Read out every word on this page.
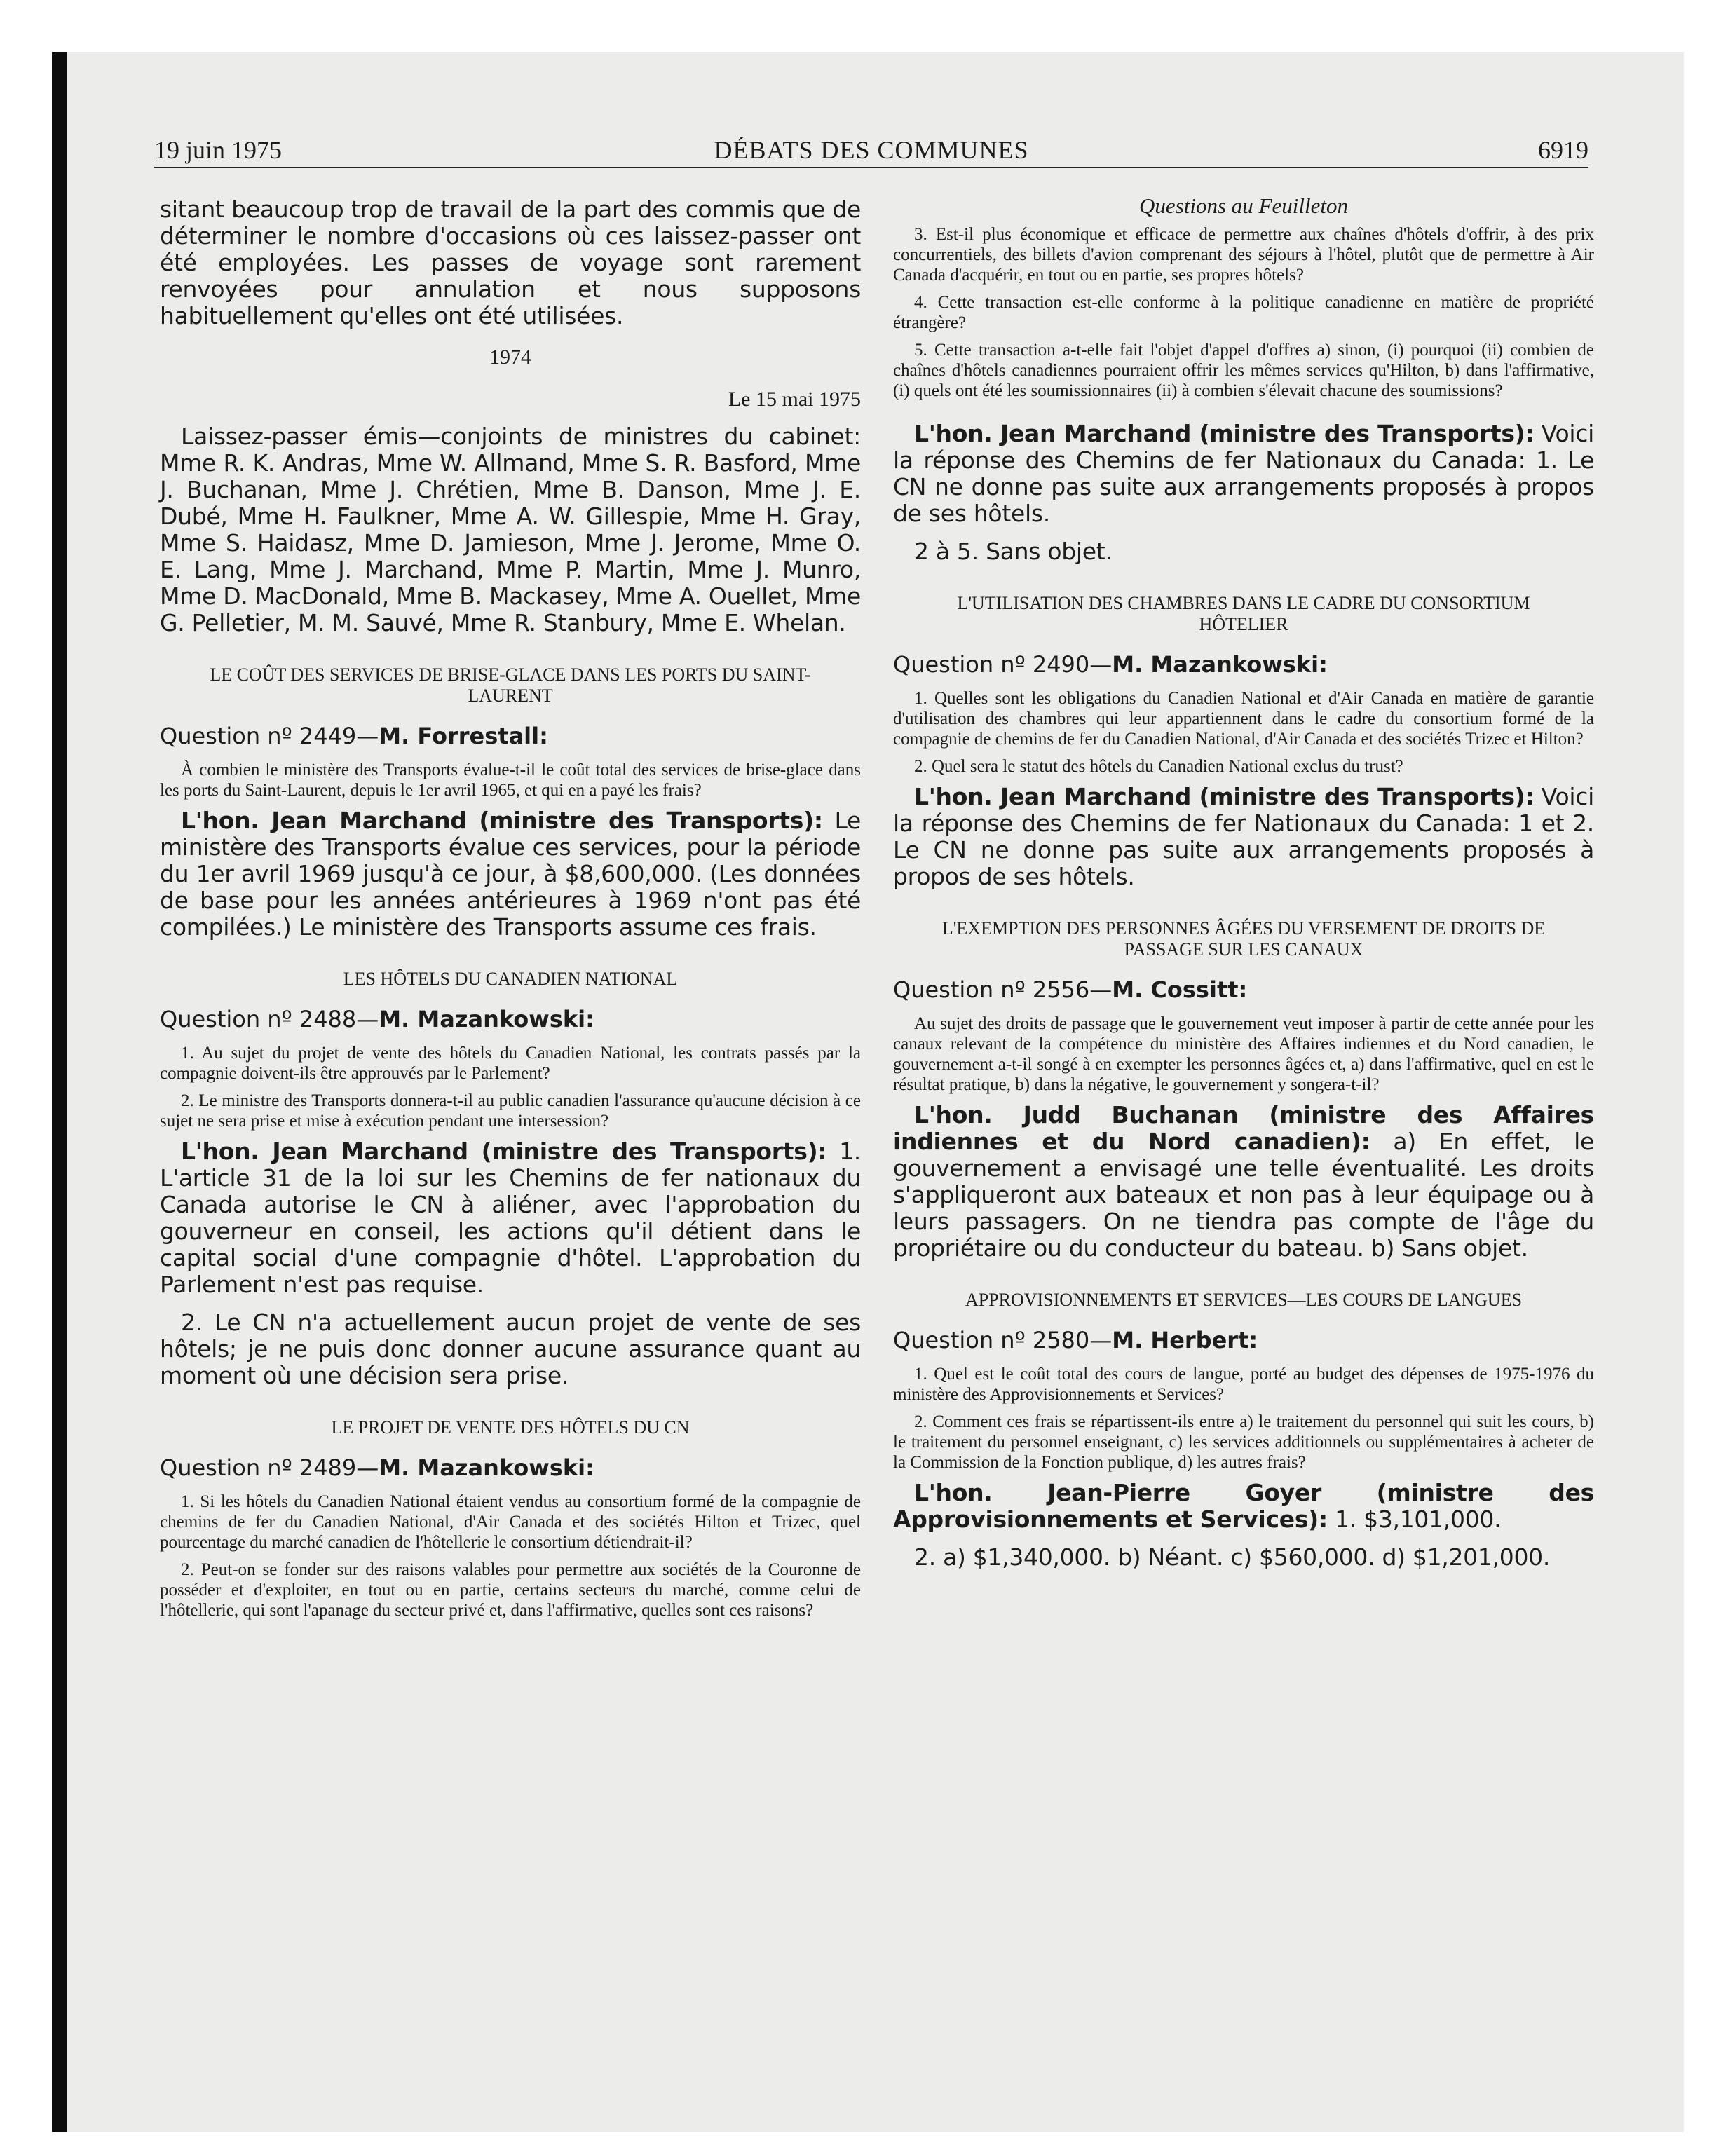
19 juin 1975	DÉBATS DES COMMUNES	6919

sitant beaucoup trop de travail de la part des commis que de déterminer le nombre d'occasions où ces laissez-passer ont été employées. Les passes de voyage sont rarement renvoyées pour annulation et nous supposons habituellement qu'elles ont été utilisées.

1974
Le 15 mai 1975

Laissez-passer émis—conjoints de ministres du cabinet: Mme R. K. Andras, Mme W. Allmand, Mme S. R. Basford, Mme J. Buchanan, Mme J. Chrétien, Mme B. Danson, Mme J. E. Dubé, Mme H. Faulkner, Mme A. W. Gillespie, Mme H. Gray, Mme S. Haidasz, Mme D. Jamieson, Mme J. Jerome, Mme O. E. Lang, Mme J. Marchand, Mme P. Martin, Mme J. Munro, Mme D. MacDonald, Mme B. Mackasey, Mme A. Ouellet, Mme G. Pelletier, M. M. Sauvé, Mme R. Stanbury, Mme E. Whelan.

LE COÛT DES SERVICES DE BRISE-GLACE DANS LES PORTS DU SAINT-LAURENT
Question nº 2449—M. Forrestall:

À combien le ministère des Transports évalue-t-il le coût total des services de brise-glace dans les ports du Saint-Laurent, depuis le 1er avril 1965, et qui en a payé les frais?

L'hon. Jean Marchand (ministre des Transports): Le ministère des Transports évalue ces services, pour la période du 1er avril 1969 jusqu'à ce jour, à $8,600,000. (Les données de base pour les années antérieures à 1969 n'ont pas été compilées.) Le ministère des Transports assume ces frais.

LES HÔTELS DU CANADIEN NATIONAL
Question nº 2488—M. Mazankowski:

1. Au sujet du projet de vente des hôtels du Canadien National, les contrats passés par la compagnie doivent-ils être approuvés par le Parlement?

2. Le ministre des Transports donnera-t-il au public canadien l'assurance qu'aucune décision à ce sujet ne sera prise et mise à exécution pendant une intersession?

L'hon. Jean Marchand (ministre des Transports): 1. L'article 31 de la loi sur les Chemins de fer nationaux du Canada autorise le CN à aliéner, avec l'approbation du gouverneur en conseil, les actions qu'il détient dans le capital social d'une compagnie d'hôtel. L'approbation du Parlement n'est pas requise.

2. Le CN n'a actuellement aucun projet de vente de ses hôtels; je ne puis donc donner aucune assurance quant au moment où une décision sera prise.

LE PROJET DE VENTE DES HÔTELS DU CN
Question nº 2489—M. Mazankowski:

1. Si les hôtels du Canadien National étaient vendus au consortium formé de la compagnie de chemins de fer du Canadien National, d'Air Canada et des sociétés Hilton et Trizec, quel pourcentage du marché canadien de l'hôtellerie le consortium détiendrait-il?

2. Peut-on se fonder sur des raisons valables pour permettre aux sociétés de la Couronne de posséder et d'exploiter, en tout ou en partie, certains secteurs du marché, comme celui de l'hôtellerie, qui sont l'apanage du secteur privé et, dans l'affirmative, quelles sont ces raisons?

Questions au Feuilleton

3. Est-il plus économique et efficace de permettre aux chaînes d'hôtels d'offrir, à des prix concurrentiels, des billets d'avion comprenant des séjours à l'hôtel, plutôt que de permettre à Air Canada d'acquérir, en tout ou en partie, ses propres hôtels?

4. Cette transaction est-elle conforme à la politique canadienne en matière de propriété étrangère?

5. Cette transaction a-t-elle fait l'objet d'appel d'offres a) sinon, (i) pourquoi (ii) combien de chaînes d'hôtels canadiennes pourraient offrir les mêmes services qu'Hilton, b) dans l'affirmative, (i) quels ont été les soumissionnaires (ii) à combien s'élevait chacune des soumissions?

L'hon. Jean Marchand (ministre des Transports): Voici la réponse des Chemins de fer Nationaux du Canada: 1. Le CN ne donne pas suite aux arrangements proposés à propos de ses hôtels.

2 à 5. Sans objet.

L'UTILISATION DES CHAMBRES DANS LE CADRE DU CONSORTIUM HÔTELIER
Question nº 2490—M. Mazankowski:

1. Quelles sont les obligations du Canadien National et d'Air Canada en matière de garantie d'utilisation des chambres qui leur appartiennent dans le cadre du consortium formé de la compagnie de chemins de fer du Canadien National, d'Air Canada et des sociétés Trizec et Hilton?

2. Quel sera le statut des hôtels du Canadien National exclus du trust?

L'hon. Jean Marchand (ministre des Transports): Voici la réponse des Chemins de fer Nationaux du Canada: 1 et 2. Le CN ne donne pas suite aux arrangements proposés à propos de ses hôtels.

L'EXEMPTION DES PERSONNES ÂGÉES DU VERSEMENT DE DROITS DE PASSAGE SUR LES CANAUX
Question nº 2556—M. Cossitt:

Au sujet des droits de passage que le gouvernement veut imposer à partir de cette année pour les canaux relevant de la compétence du ministère des Affaires indiennes et du Nord canadien, le gouvernement a-t-il songé à en exempter les personnes âgées et, a) dans l'affirmative, quel en est le résultat pratique, b) dans la négative, le gouvernement y songera-t-il?

L'hon. Judd Buchanan (ministre des Affaires indiennes et du Nord canadien): a) En effet, le gouvernement a envisagé une telle éventualité. Les droits s'appliqueront aux bateaux et non pas à leur équipage ou à leurs passagers. On ne tiendra pas compte de l'âge du propriétaire ou du conducteur du bateau. b) Sans objet.

APPROVISIONNEMENTS ET SERVICES—LES COURS DE LANGUES
Question nº 2580—M. Herbert:

1. Quel est le coût total des cours de langue, porté au budget des dépenses de 1975-1976 du ministère des Approvisionnements et Services?

2. Comment ces frais se répartissent-ils entre a) le traitement du personnel qui suit les cours, b) le traitement du personnel enseignant, c) les services additionnels ou supplémentaires à acheter de la Commission de la Fonction publique, d) les autres frais?

L'hon. Jean-Pierre Goyer (ministre des Approvisionnements et Services): 1. $3,101,000.

2. a) $1,340,000. b) Néant. c) $560,000. d) $1,201,000.
